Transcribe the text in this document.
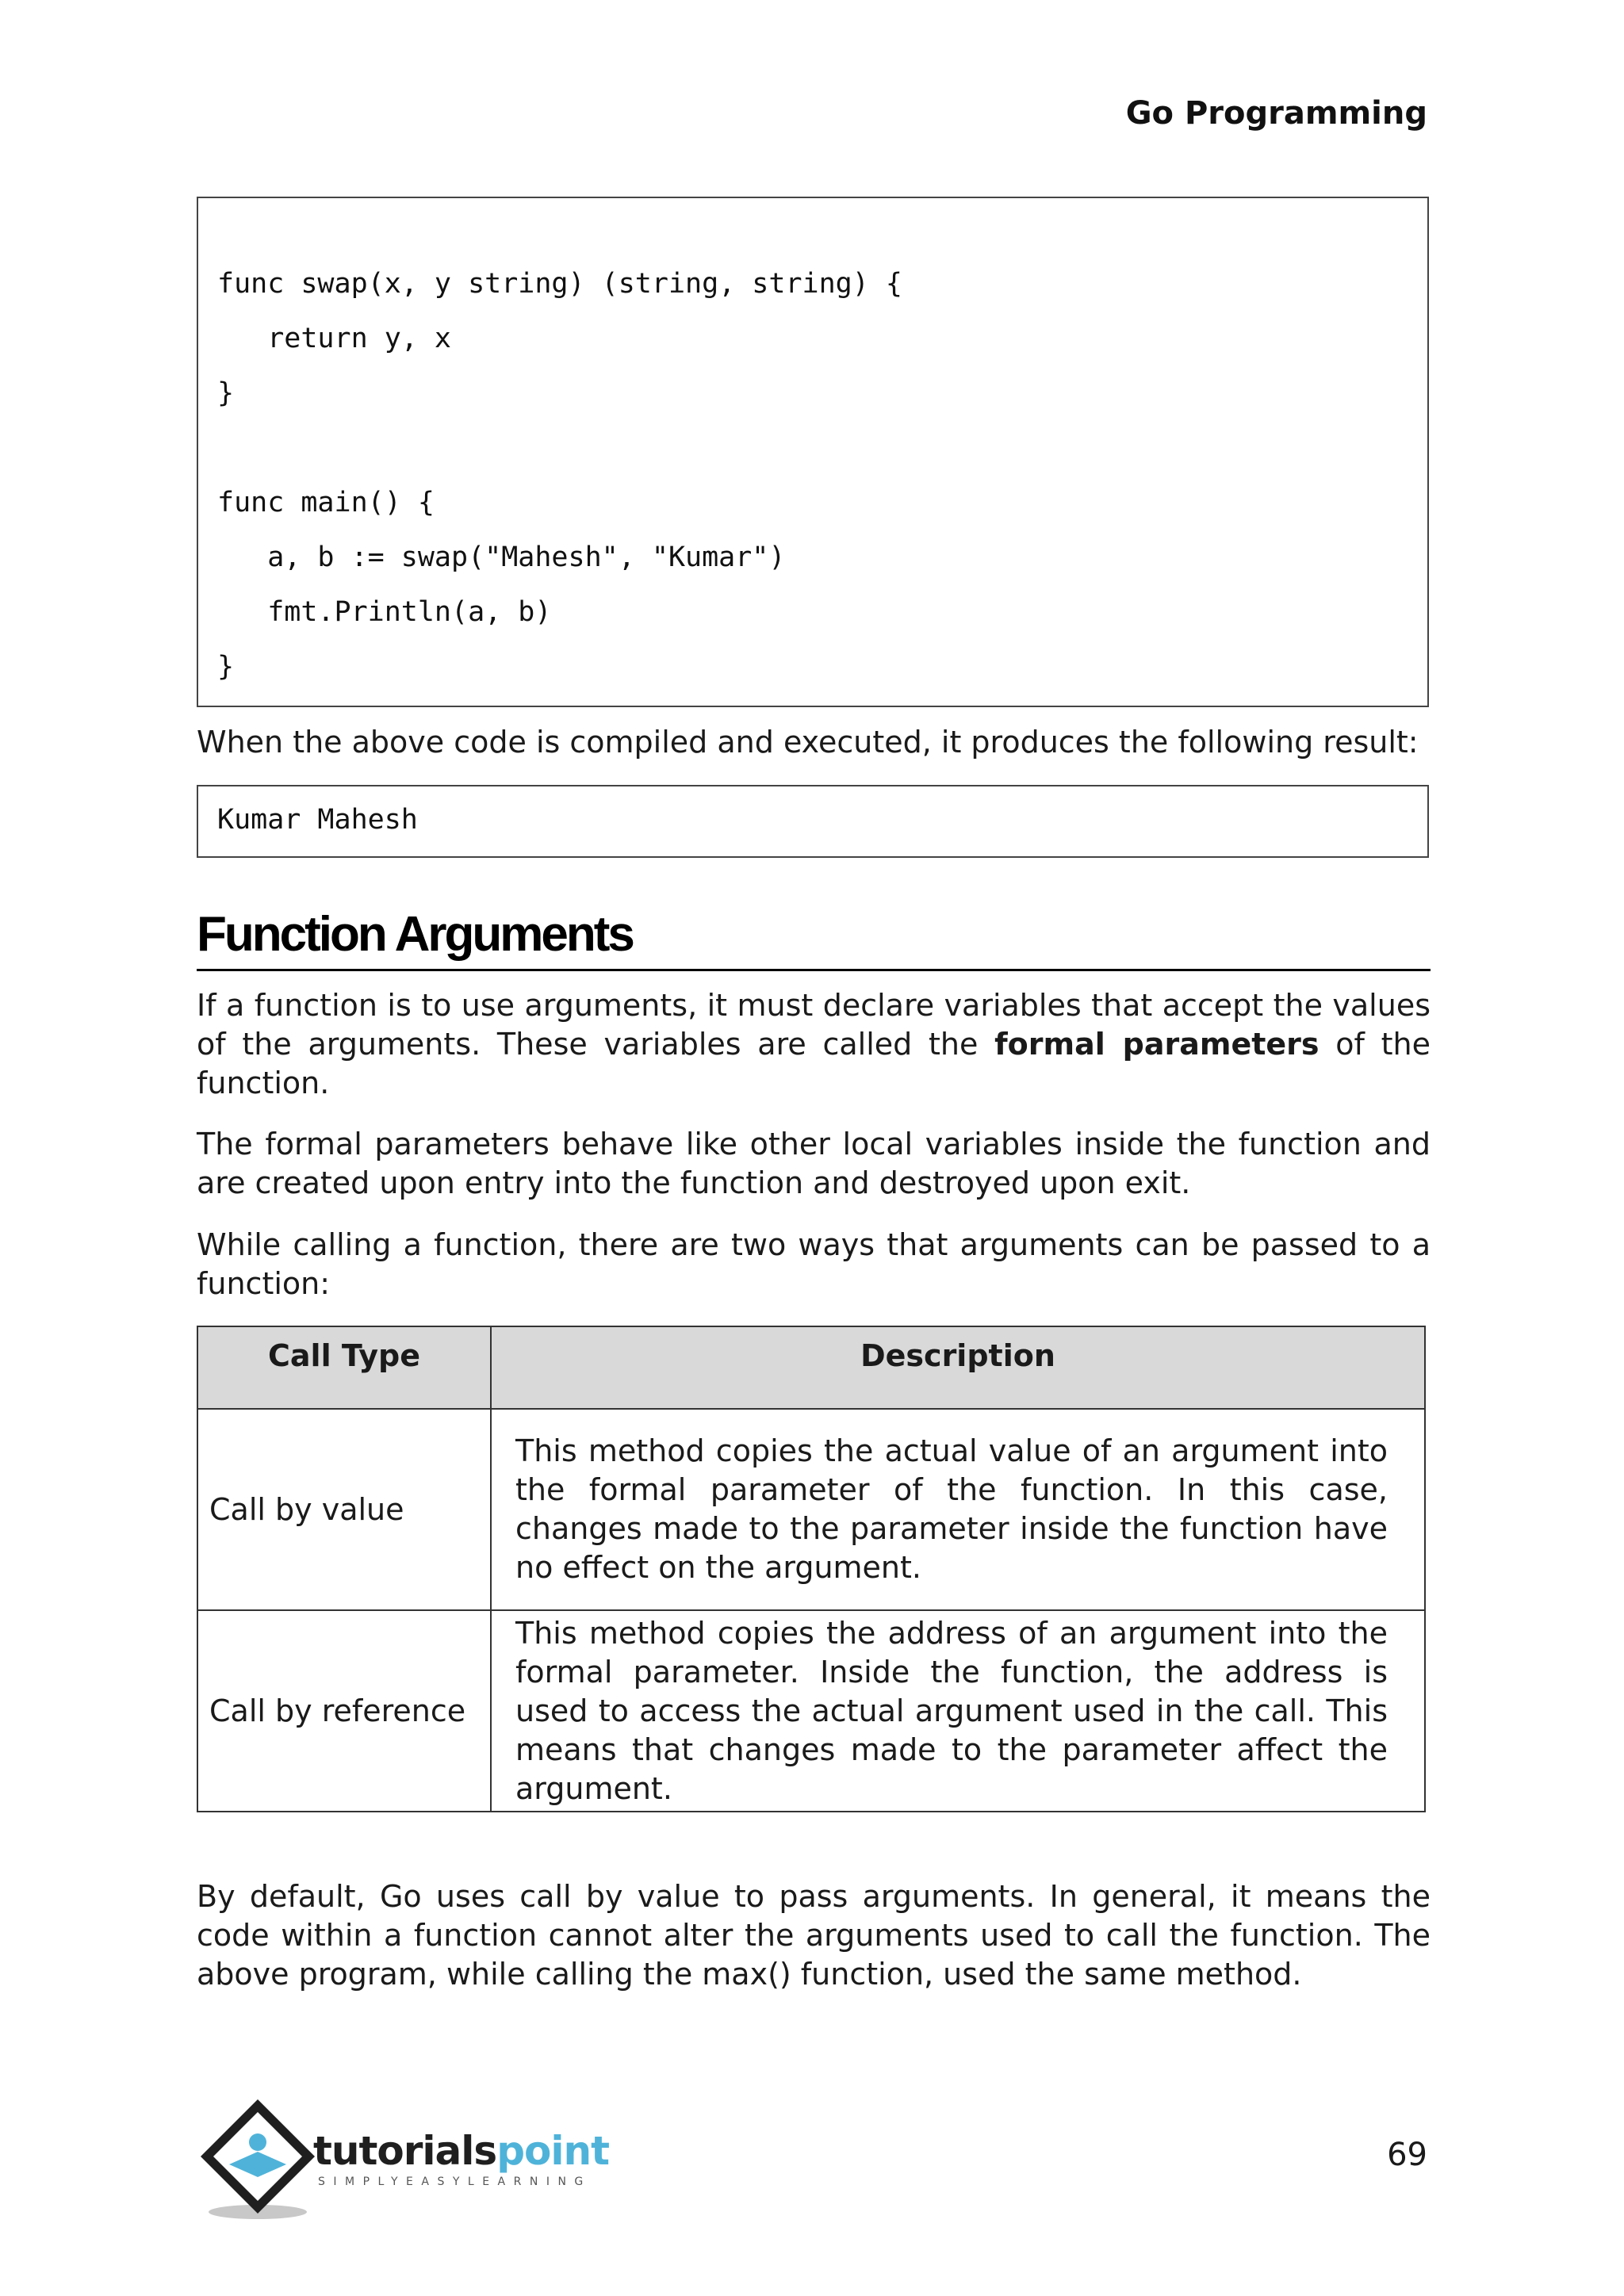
Go Programming
func swap(x, y string) (string, string) {
return y, x
}
func main() {
a, b := swap("Mahesh", "Kumar")
fmt.Println(a, b)
}

When the above code is compiled and executed, it produces the following result:

Kumar Mahesh
Function Arguments

If a function is to use arguments, it must declare variables that accept the values of the arguments. These variables are called the formal parameters of the function.

The formal parameters behave like other local variables inside the function and are created upon entry into the function and destroyed upon exit.

While calling a function, there are two ways that arguments can be passed to a function:

Call Type	Description
Call by value	This method copies the actual value of an argument into the formal parameter of the function. In this case, changes made to the parameter inside the function have no effect on the argument.
Call by reference	This method copies the address of an argument into the formal parameter. Inside the function, the address is used to access the actual argument used in the call. This means that changes made to the parameter affect the argument.

By default, Go uses call by value to pass arguments. In general, it means the code within a function cannot alter the arguments used to call the function. The above program, while calling the max() function, used the same method.

tutorialspoint
SIMPLYEASYLEARNING
69
